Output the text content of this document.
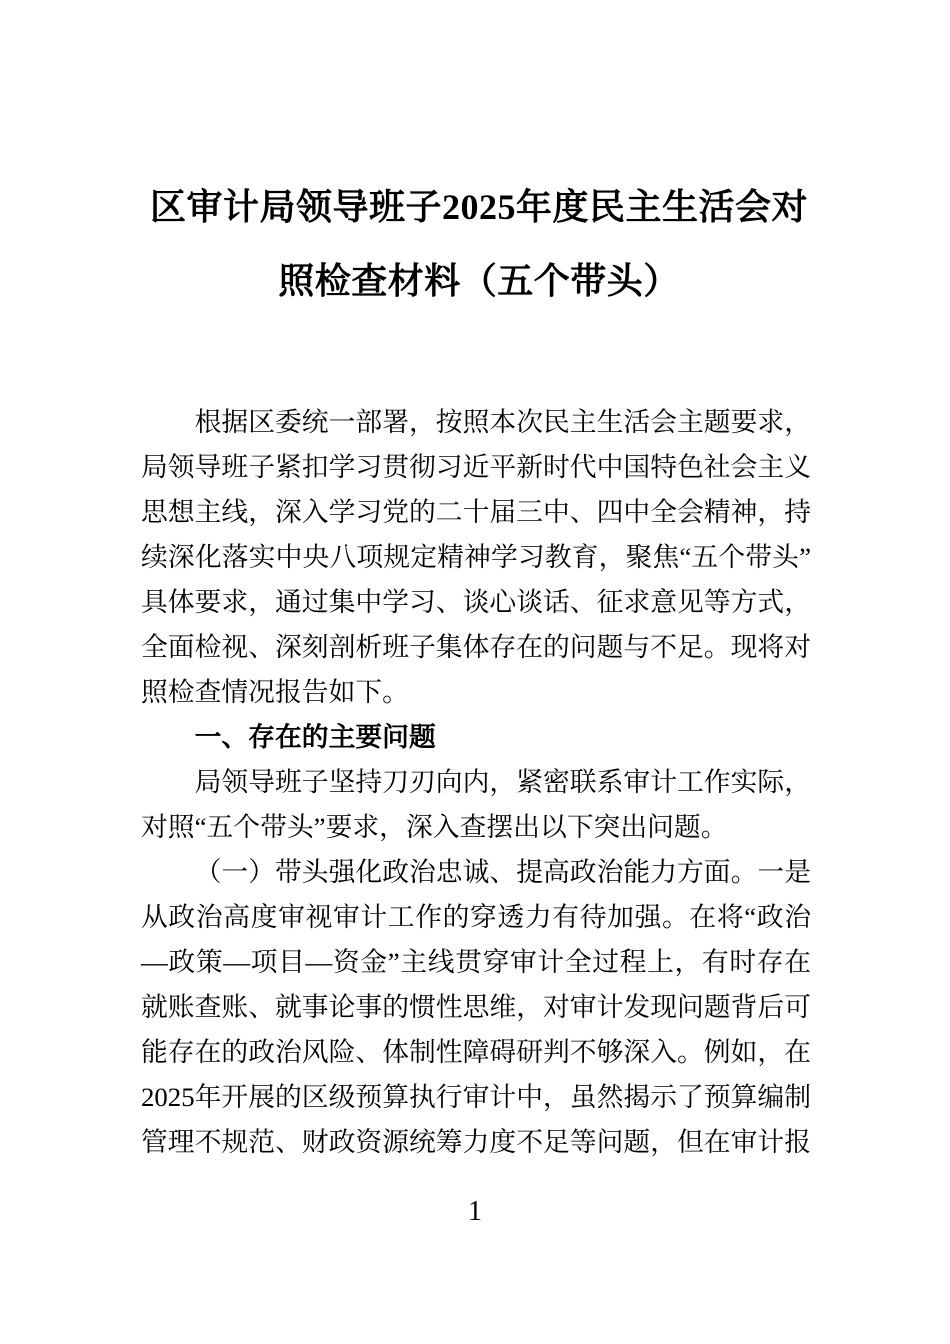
区审计局领导班子2025年度民主生活会对照检查材料（五个带头）

根据区委统一部署，按照本次民主生活会主题要求，局领导班子紧扣学习贯彻习近平新时代中国特色社会主义思想主线，深入学习党的二十届三中、四中全会精神，持续深化落实中央八项规定精神学习教育，聚焦“五个带头”具体要求，通过集中学习、谈心谈话、征求意见等方式，全面检视、深刻剖析班子集体存在的问题与不足。现将对照检查情况报告如下。

一、存在的主要问题

局领导班子坚持刀刃向内，紧密联系审计工作实际，对照“五个带头”要求，深入查摆出以下突出问题。

（一）带头强化政治忠诚、提高政治能力方面。一是从政治高度审视审计工作的穿透力有待加强。在将“政治—政策—项目—资金”主线贯穿审计全过程上，有时存在就账查账、就事论事的惯性思维，对审计发现问题背后可能存在的政治风险、体制性障碍研判不够深入。例如，在2025年开展的区级预算执行审计中，虽然揭示了预算编制管理不规范、财政资源统筹力度不足等问题，但在审计报

1
